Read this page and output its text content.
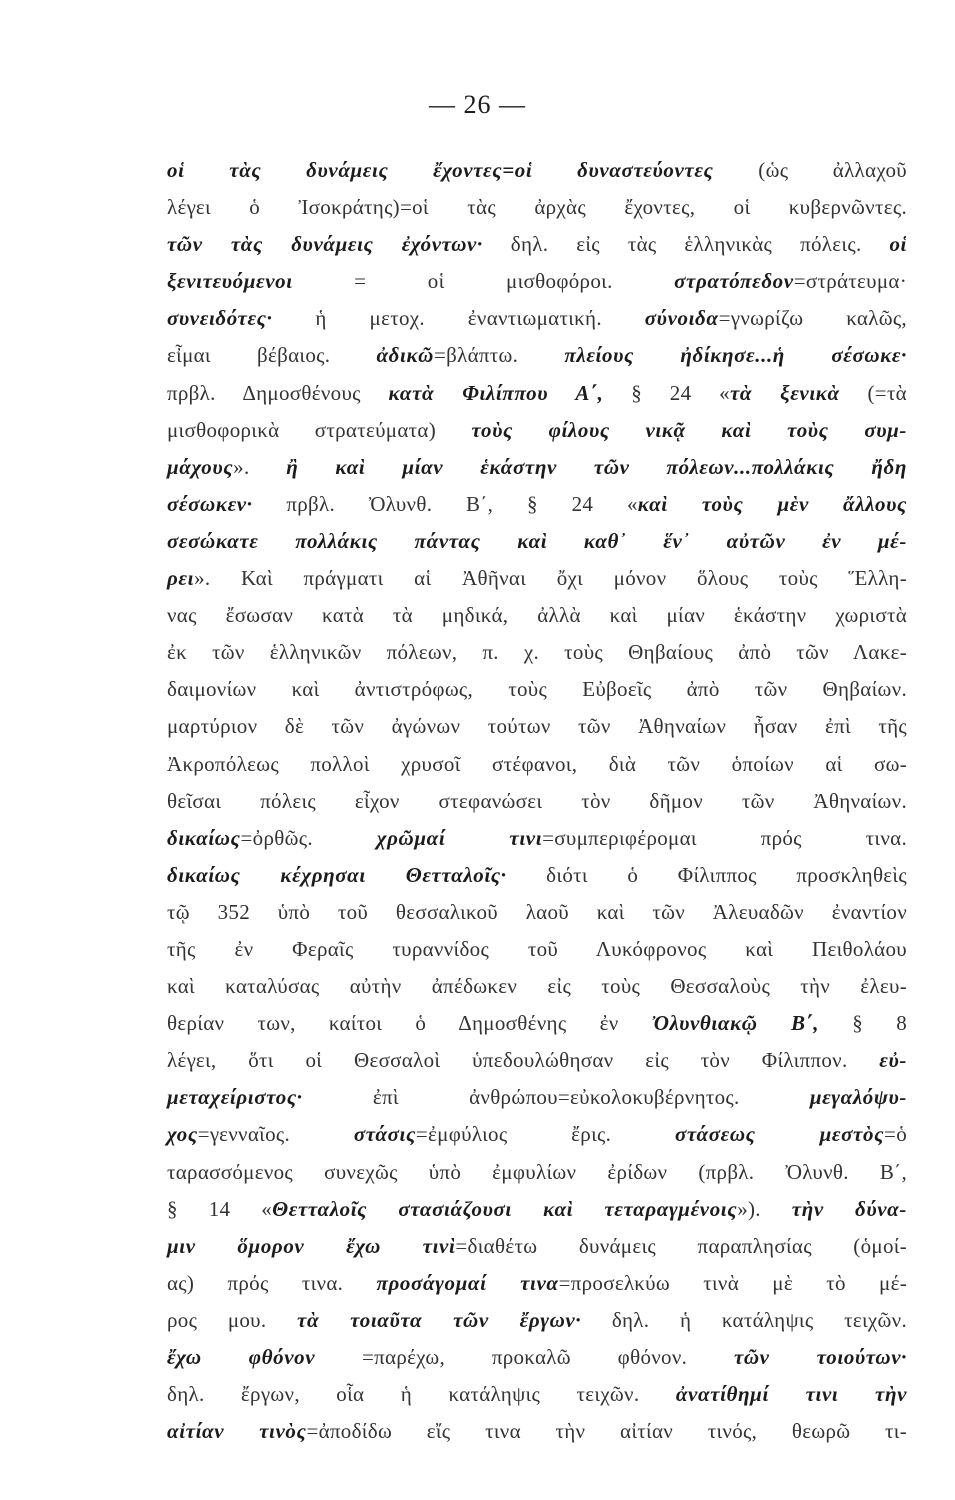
— 26 —
οἱ τὰς δυνάμεις ἔχοντες=οἱ δυναστεύοντες (ὡς ἀλλαχοῦ
λέγει ὁ Ἰσοκράτης)=οἱ τὰς ἀρχὰς ἔχοντες, οἱ κυβερνῶντες.
τῶν τὰς δυνάμεις ἐχόντων· δηλ. εἰς τὰς ἑλληνικὰς πόλεις. οἱ
ξενιτευόμενοι = οἱ μισθοφόροι. στρατόπεδον=στράτευμα·
συνειδότες· ἡ μετοχ. ἐναντιωματική. σύνοιδα=γνωρίζω καλῶς,
εἶμαι βέβαιος. ἀδικῶ=βλάπτω. πλείους ἠδίκησε...ἡ σέσωκε·
πρβλ. Δημοσθένους κατὰ Φιλίππου Α΄, § 24 «τὰ ξενικὰ (=τὰ
μισθοφορικὰ στρατεύματα) τοὺς φίλους νικᾷ καὶ τοὺς συμ-
μάχους». ἢ καὶ μίαν ἑκάστην τῶν πόλεων...πολλάκις ἤδη
σέσωκεν· πρβλ. Ὀλυνθ. Β΄, § 24 «καὶ τοὺς μὲν ἄλλους
σεσώκατε πολλάκις πάντας καὶ καθ᾽ ἕν᾽ αὐτῶν ἐν μέ-
ρει». Καὶ πράγματι αἱ Ἀθῆναι ὄχι μόνον ὅλους τοὺς Ἕλλη-
νας ἔσωσαν κατὰ τὰ μηδικά, ἀλλὰ καὶ μίαν ἑκάστην χωριστὰ
ἐκ τῶν ἑλληνικῶν πόλεων, π. χ. τοὺς Θηβαίους ἀπὸ τῶν Λακε-
δαιμονίων καὶ ἀντιστρόφως, τοὺς Εὐβοεῖς ἀπὸ τῶν Θηβαίων.
μαρτύριον δὲ τῶν ἀγώνων τούτων τῶν Ἀθηναίων ἦσαν ἐπὶ τῆς
Ἀκροπόλεως πολλοὶ χρυσοῖ στέφανοι, διὰ τῶν ὁποίων αἱ σω-
θεῖσαι πόλεις εἶχον στεφανώσει τὸν δῆμον τῶν Ἀθηναίων.
δικαίως=ὀρθῶς. χρῶμαί τινι=συμπεριφέρομαι πρός τινα.
δικαίως κέχρησαι Θετταλοῖς· διότι ὁ Φίλιππος προσκληθεὶς
τῷ 352 ὑπὸ τοῦ θεσσαλικοῦ λαοῦ καὶ τῶν Ἀλευαδῶν ἐναντίον
τῆς ἐν Φεραῖς τυραννίδος τοῦ Λυκόφρονος καὶ Πειθολάου
καὶ καταλύσας αὐτὴν ἀπέδωκεν εἰς τοὺς Θεσσαλοὺς τὴν ἐλευ-
θερίαν των, καίτοι ὁ Δημοσθένης ἐν Ὀλυνθιακῷ Β΄, § 8
λέγει, ὅτι οἱ Θεσσαλοὶ ὑπεδουλώθησαν εἰς τὸν Φίλιππον. εὐ-
μεταχείριστος· ἐπὶ ἀνθρώπου=εὐκολοκυβέρνητος. μεγαλόψυ-
χος=γενναῖος. στάσις=ἐμφύλιος ἔρις. στάσεως μεστὸς=ὁ
ταρασσόμενος συνεχῶς ὑπὸ ἐμφυλίων ἐρίδων (πρβλ. Ὀλυνθ. Β΄,
§ 14 «Θετταλοῖς στασιάζουσι καὶ τεταραγμένοις»). τὴν δύνα-
μιν ὅμορον ἔχω τινὶ=διαθέτω δυνάμεις παραπλησίας (ὁμοί-
ας) πρός τινα. προσάγομαί τινα=προσελκύω τινὰ μὲ τὸ μέ-
ρος μου. τὰ τοιαῦτα τῶν ἔργων· δηλ. ἡ κατάληψις τειχῶν.
ἔχω φθόνον =παρέχω, προκαλῶ φθόνον. τῶν τοιούτων·
δηλ. ἔργων, οἷα ἡ κατάληψις τειχῶν. ἀνατίθημί τινι τὴν
αἰτίαν τινὸς=ἀποδίδω εἴς τινα τὴν αἰτίαν τινός, θεωρῶ τι-
